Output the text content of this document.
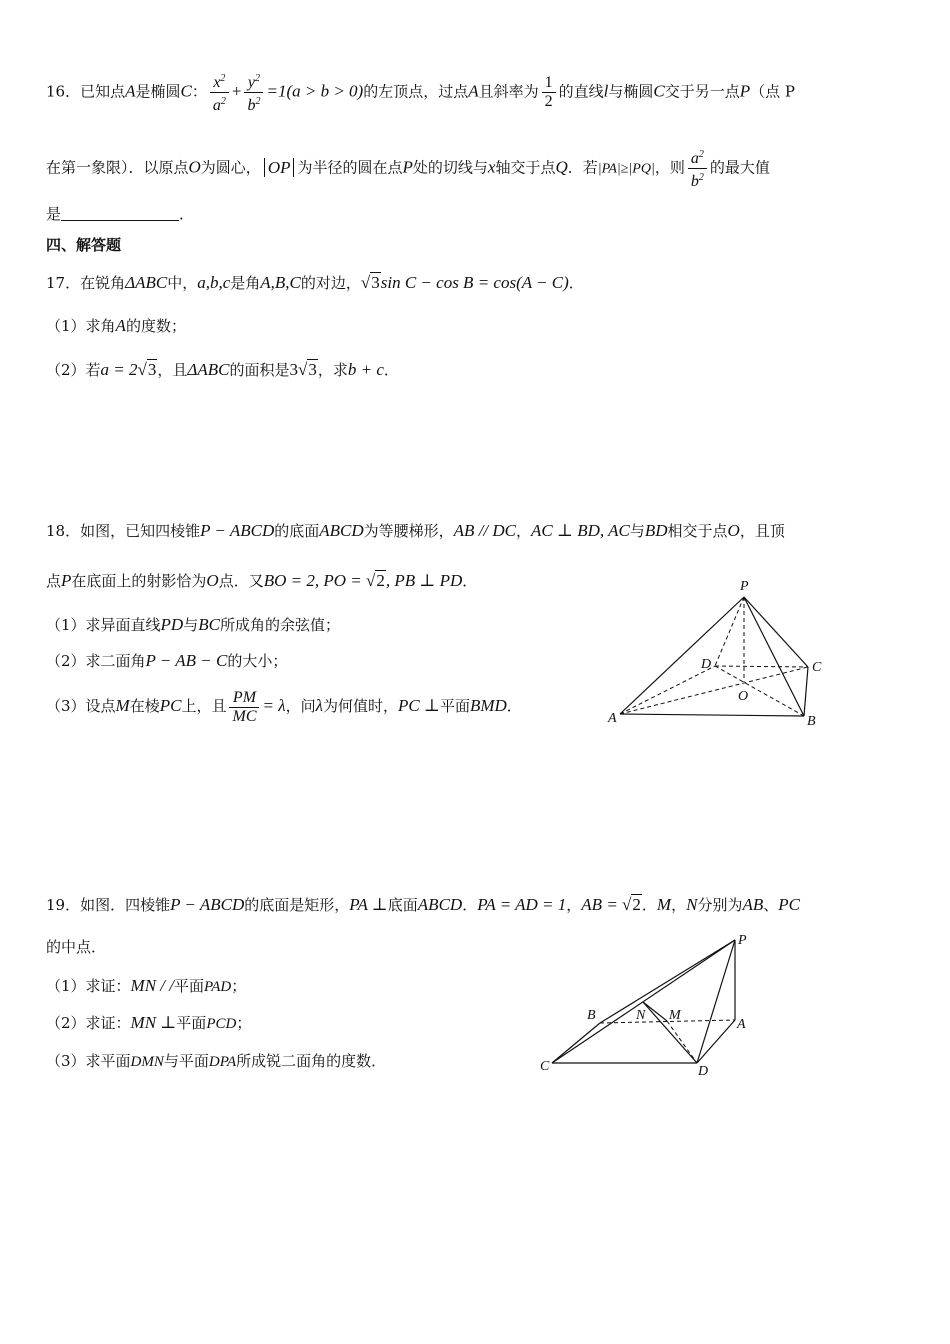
16．已知点A是椭圆C： $\frac{x^2}{a^2} + \frac{y^2}{b^2} =1(a > b > 0)$的左顶点，过点A且斜率为 $\frac{1}{2}$ 的直线l与椭圆C交于另一点P（点 P
在第一象限）．以原点O为圆心， OP 为半径的圆在点P处的切线与x轴交于点Q．若|PA|≥|PQ|，则 $\frac{a^2}{b^2}$ 的最大值
是	．
四、解答题
17．在锐角ΔABC中，a,b,c是角A,B,C的对边，√3sin C − cos B = cos(A − C)．
（1）求角A的度数；
（2）若a = 2√3，且ΔABC的面积是3√3，求b + c．
18．如图，已知四棱锥P − ABCD的底面ABCD为等腰梯形，AB // DC，AC ⊥ BD, AC与BD相交于点O，且顶
点P在底面上的射影恰为O点．又BO = 2, PO = √2, PB ⊥ PD．
（1）求异面直线PD与BC所成角的余弦值；
（2）求二面角P − AB − C的大小；
（3）设点M在棱PC上，且 $\frac{PM}{MC} = \lambda$，问λ为何值时，PC ⊥平面BMD．
P
D	C
O
A	B
19．如图．四棱锥P − ABCD的底面是矩形，PA ⊥底面ABCD．PA = AD = 1，AB = √2．M，N分别为AB、PC
的中点．
（1）求证：MN / /平面PAD；
（2）求证：MN ⊥平面PCD；
（3）求平面DMN与平面DPA所成锐二面角的度数．
P
B	N M
A
C	D
